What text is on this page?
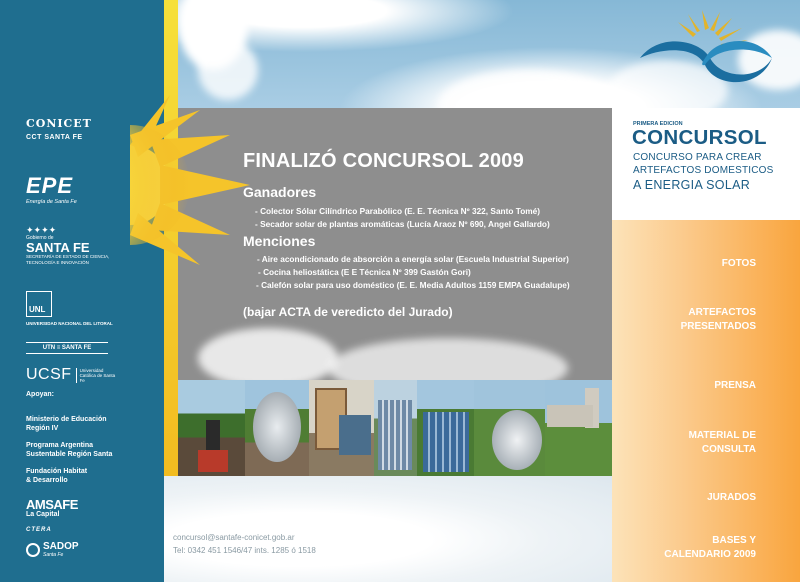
CONICET
CCT SANTA FE
EPE
Energía de Santa Fe
✦✦✦✦
Gobierno de
SANTA FE
SECRETARÍA DE ESTADO DE CIENCIA, TECNOLOGÍA E INNOVACIÓN
UNL
UNIVERSIDAD NACIONAL DEL LITORAL
UTN ≡ SANTA FE
UCSF	Universidad Católica de Santa Fe
Apoyan:
Ministerio de Educación
Región IV
Programa Argentina
Sustentable Región Santa
Fundación Habitat
& Desarrollo
AMSAFE
La Capital
CTERA
SADOP
Santa Fe
FINALIZÓ CONCURSOL 2009
Ganadores
- Colector Sólar Cilíndrico Parabólico (E. E. Técnica Nº 322, Santo Tomé)
- Secador solar de plantas aromáticas (Lucía Araoz Nº 690, Angel Gallardo)
Menciones
- Aire acondicionado de absorción a energía solar (Escuela Industrial Superior)
- Cocina heliostática (E E Técnica Nº 399 Gastón Gori)
- Calefón solar para uso doméstico (E. E. Media Adultos 1159 EMPA Guadalupe)
(bajar ACTA de veredicto del Jurado)
concursol@santafe-conicet.gob.ar
Tel: 0342 451 1546/47 ints. 1285 ó 1518
PRIMERA EDICION
CONCURSOL
CONCURSO PARA CREAR
ARTEFACTOS DOMESTICOS
A ENERGIA SOLAR
FOTOS
ARTEFACTOS
PRESENTADOS
PRENSA
MATERIAL DE
CONSULTA
JURADOS
BASES Y
CALENDARIO 2009
